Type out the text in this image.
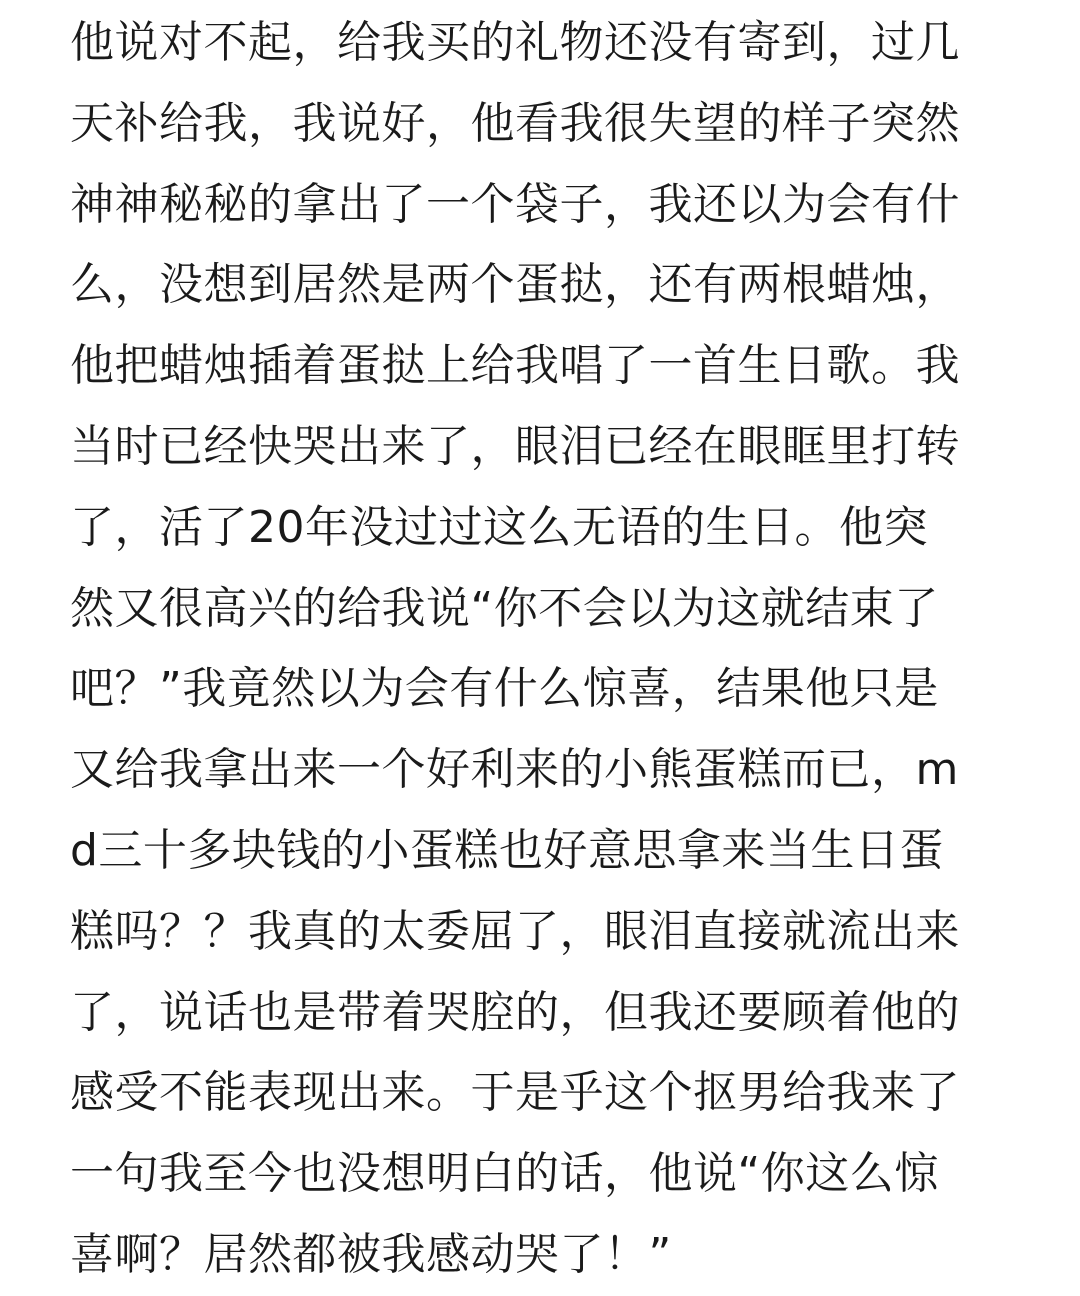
他说对不起，给我买的礼物还没有寄到，过几
天补给我，我说好，他看我很失望的样子突然
神神秘秘的拿出了一个袋子，我还以为会有什
么，没想到居然是两个蛋挞，还有两根蜡烛，
他把蜡烛插着蛋挞上给我唱了一首生日歌。我
当时已经快哭出来了，眼泪已经在眼眶里打转
了，活了20年没过过这么无语的生日。他突
然又很高兴的给我说“你不会以为这就结束了
吧？”我竟然以为会有什么惊喜，结果他只是
又给我拿出来一个好利来的小熊蛋糕而已，m
d三十多块钱的小蛋糕也好意思拿来当生日蛋
糕吗？？我真的太委屈了，眼泪直接就流出来
了，说话也是带着哭腔的，但我还要顾着他的
感受不能表现出来。于是乎这个抠男给我来了
一句我至今也没想明白的话，他说“你这么惊
喜啊？居然都被我感动哭了！”
